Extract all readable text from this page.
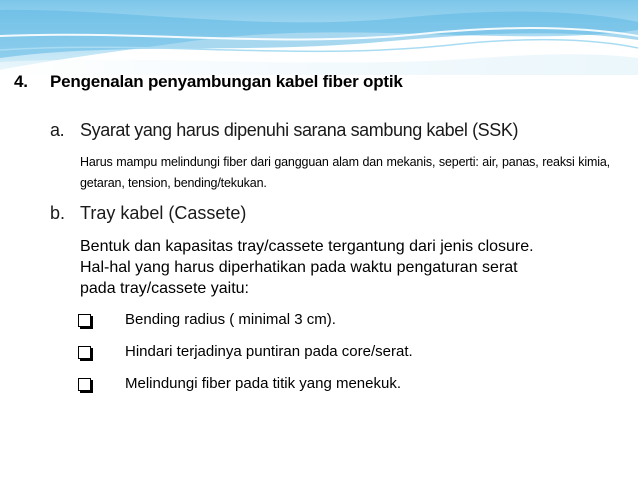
4. Pengenalan penyambungan kabel fiber optik
a. Syarat yang harus dipenuhi sarana sambung kabel (SSK)
Harus mampu melindungi fiber dari gangguan alam dan mekanis, seperti: air, panas, reaksi kimia, getaran, tension, bending/tekukan.
b. Tray kabel (Cassete)
Bentuk dan kapasitas tray/cassete tergantung dari jenis closure.
Hal-hal yang harus diperhatikan pada waktu pengaturan serat
pada tray/cassete yaitu:
Bending radius ( minimal 3 cm).
Hindari terjadinya puntiran pada core/serat.
Melindungi fiber pada titik yang menekuk.
